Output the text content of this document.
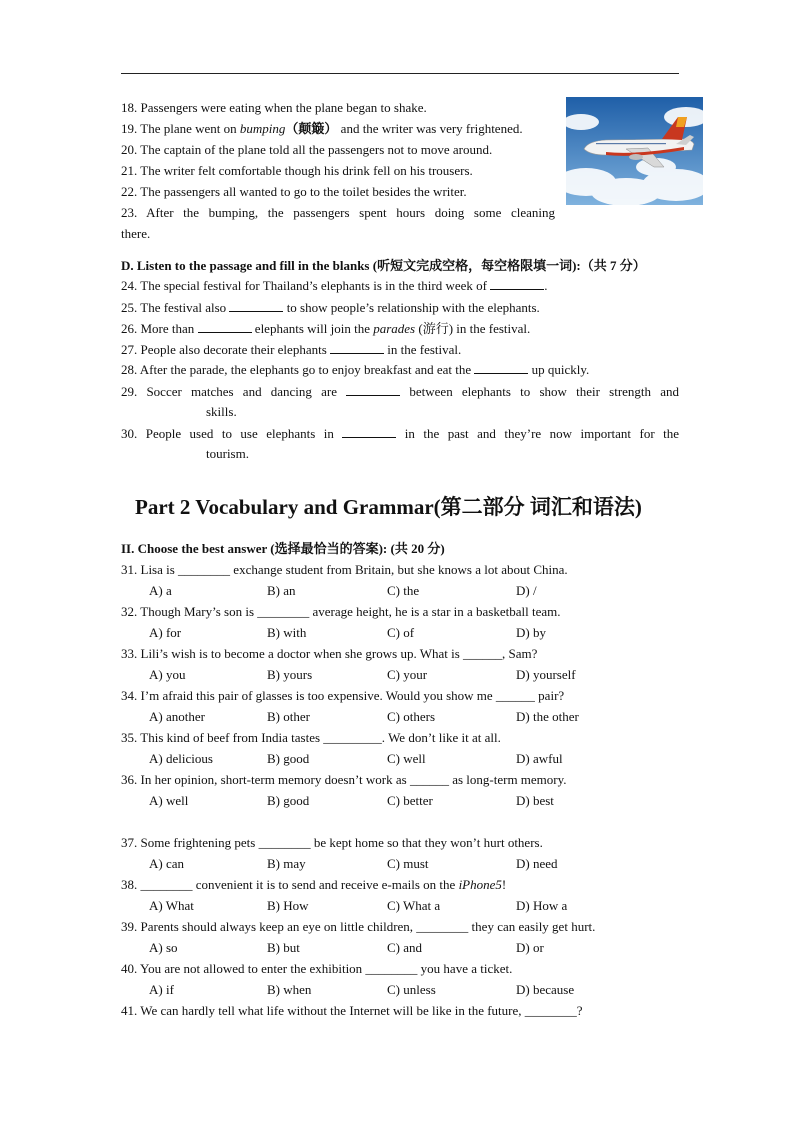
18. Passengers were eating when the plane began to shake.
19. The plane went on bumping（颠簸） and the writer was very frightened.
20. The captain of the plane told all the passengers not to move around.
21. The writer felt comfortable though his drink fell on his trousers.
22. The passengers all wanted to go to the toilet besides the writer.
23. After the bumping, the passengers spent hours doing some cleaning
there.
D. Listen to the passage and fill in the blanks (听短文完成空格，每空格限填一词):（共 7 分）
24. The special festival for Thailand’s elephants is in the third week of	.
25. The festival also	to show people’s relationship with the elephants.
26. More than	elephants will join the parades (游行) in the festival.
27. People also decorate their elephants	in the festival.
28. After the parade, the elephants go to enjoy breakfast and eat the	up quickly.
29. Soccer matches and dancing are	between elephants to show their strength and
skills.
30. People used to use elephants in	in the past and they’re now important for the
tourism.
Part 2 Vocabulary and Grammar(第二部分 词汇和语法)
II. Choose the best answer (选择最恰当的答案): (共 20 分)
31. Lisa is ________ exchange student from Britain, but she knows a lot about China.
A) a	B) an	C) the	D) /
32. Though Mary’s son is ________ average height, he is a star in a basketball team.
A) for	B) with	C) of	D) by
33. Lili’s wish is to become a doctor when she grows up. What is ______, Sam?
A) you	B) yours	C) your	D) yourself
34. I’m afraid this pair of glasses is too expensive. Would you show me ______ pair?
A) another	B) other	C) others	D) the other
35. This kind of beef from India tastes _________. We don’t like it at all.
A) delicious	B) good	C) well	D) awful
36. In her opinion, short-term memory doesn’t work as ______ as long-term memory.
A) well	B) good	C) better	D) best
37. Some frightening pets ________ be kept home so that they won’t hurt others.
A) can	B) may	C) must	D) need
38. ________ convenient it is to send and receive e-mails on the iPhone5!
A) What	B) How	C) What a	D) How a
39. Parents should always keep an eye on little children, ________ they can easily get hurt.
A) so	B) but	C) and	D) or
40. You are not allowed to enter the exhibition ________ you have a ticket.
A) if	B) when	C) unless	D) because
41. We can hardly tell what life without the Internet will be like in the future, ________?
